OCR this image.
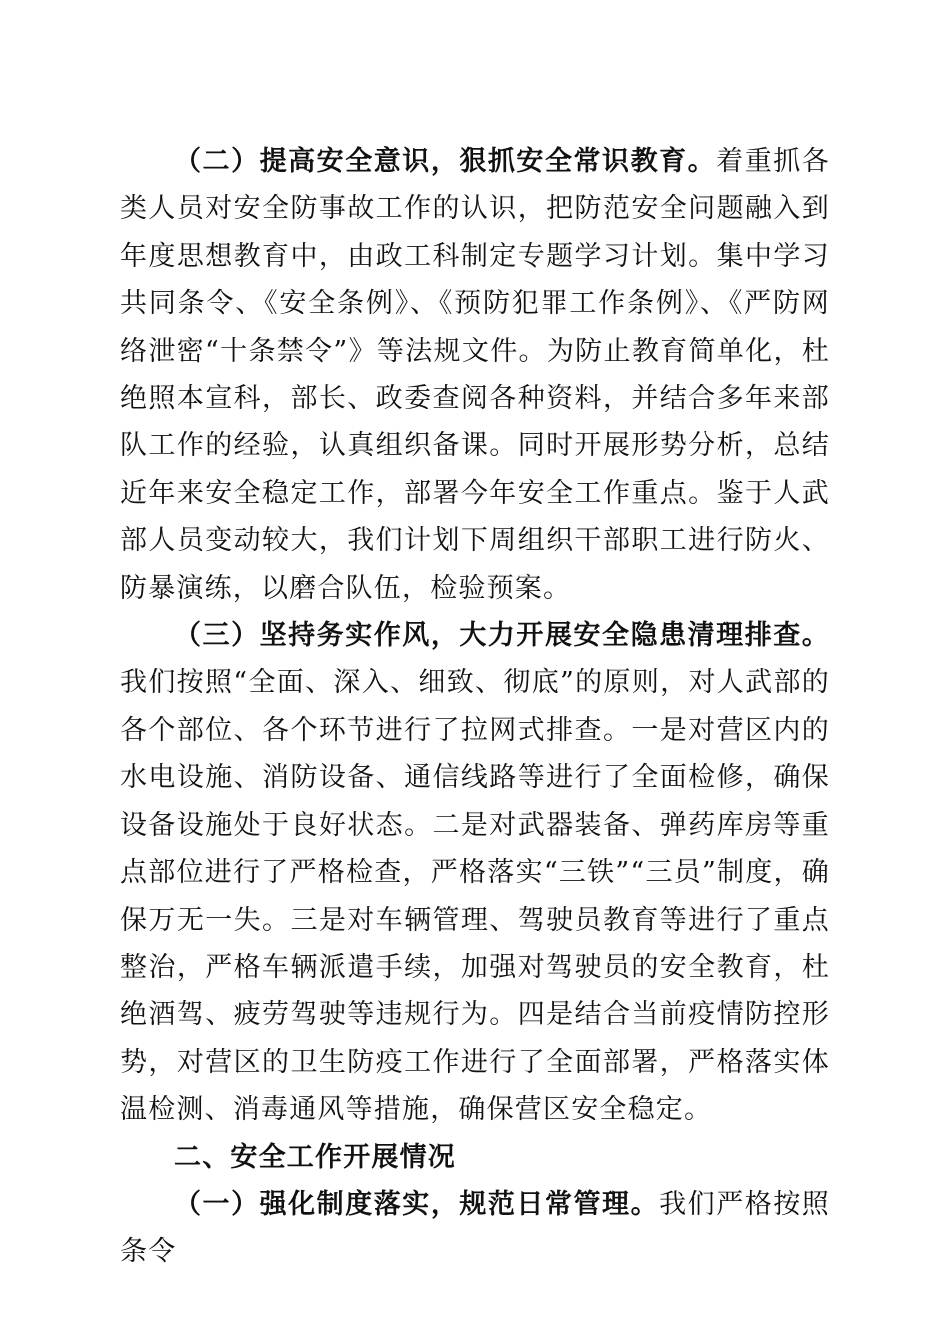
（二）提高安全意识，狠抓安全常识教育。着重抓各类人员对安全防事故工作的认识，把防范安全问题融入到年度思想教育中，由政工科制定专题学习计划。集中学习共同条令、《安全条例》、《预防犯罪工作条例》、《严防网络泄密“十条禁令”》等法规文件。为防止教育简单化，杜绝照本宣科，部长、政委查阅各种资料，并结合多年来部队工作的经验，认真组织备课。同时开展形势分析，总结近年来安全稳定工作，部署今年安全工作重点。鉴于人武部人员变动较大，我们计划下周组织干部职工进行防火、防暴演练，以磨合队伍，检验预案。

（三）坚持务实作风，大力开展安全隐患清理排查。我们按照“全面、深入、细致、彻底”的原则，对人武部的各个部位、各个环节进行了拉网式排查。一是对营区内的水电设施、消防设备、通信线路等进行了全面检修，确保设备设施处于良好状态。二是对武器装备、弹药库房等重点部位进行了严格检查，严格落实“三铁”“三员”制度，确保万无一失。三是对车辆管理、驾驶员教育等进行了重点整治，严格车辆派遣手续，加强对驾驶员的安全教育，杜绝酒驾、疲劳驾驶等违规行为。四是结合当前疫情防控形势，对营区的卫生防疫工作进行了全面部署，严格落实体温检测、消毒通风等措施，确保营区安全稳定。

二、安全工作开展情况

（一）强化制度落实，规范日常管理。我们严格按照条令
